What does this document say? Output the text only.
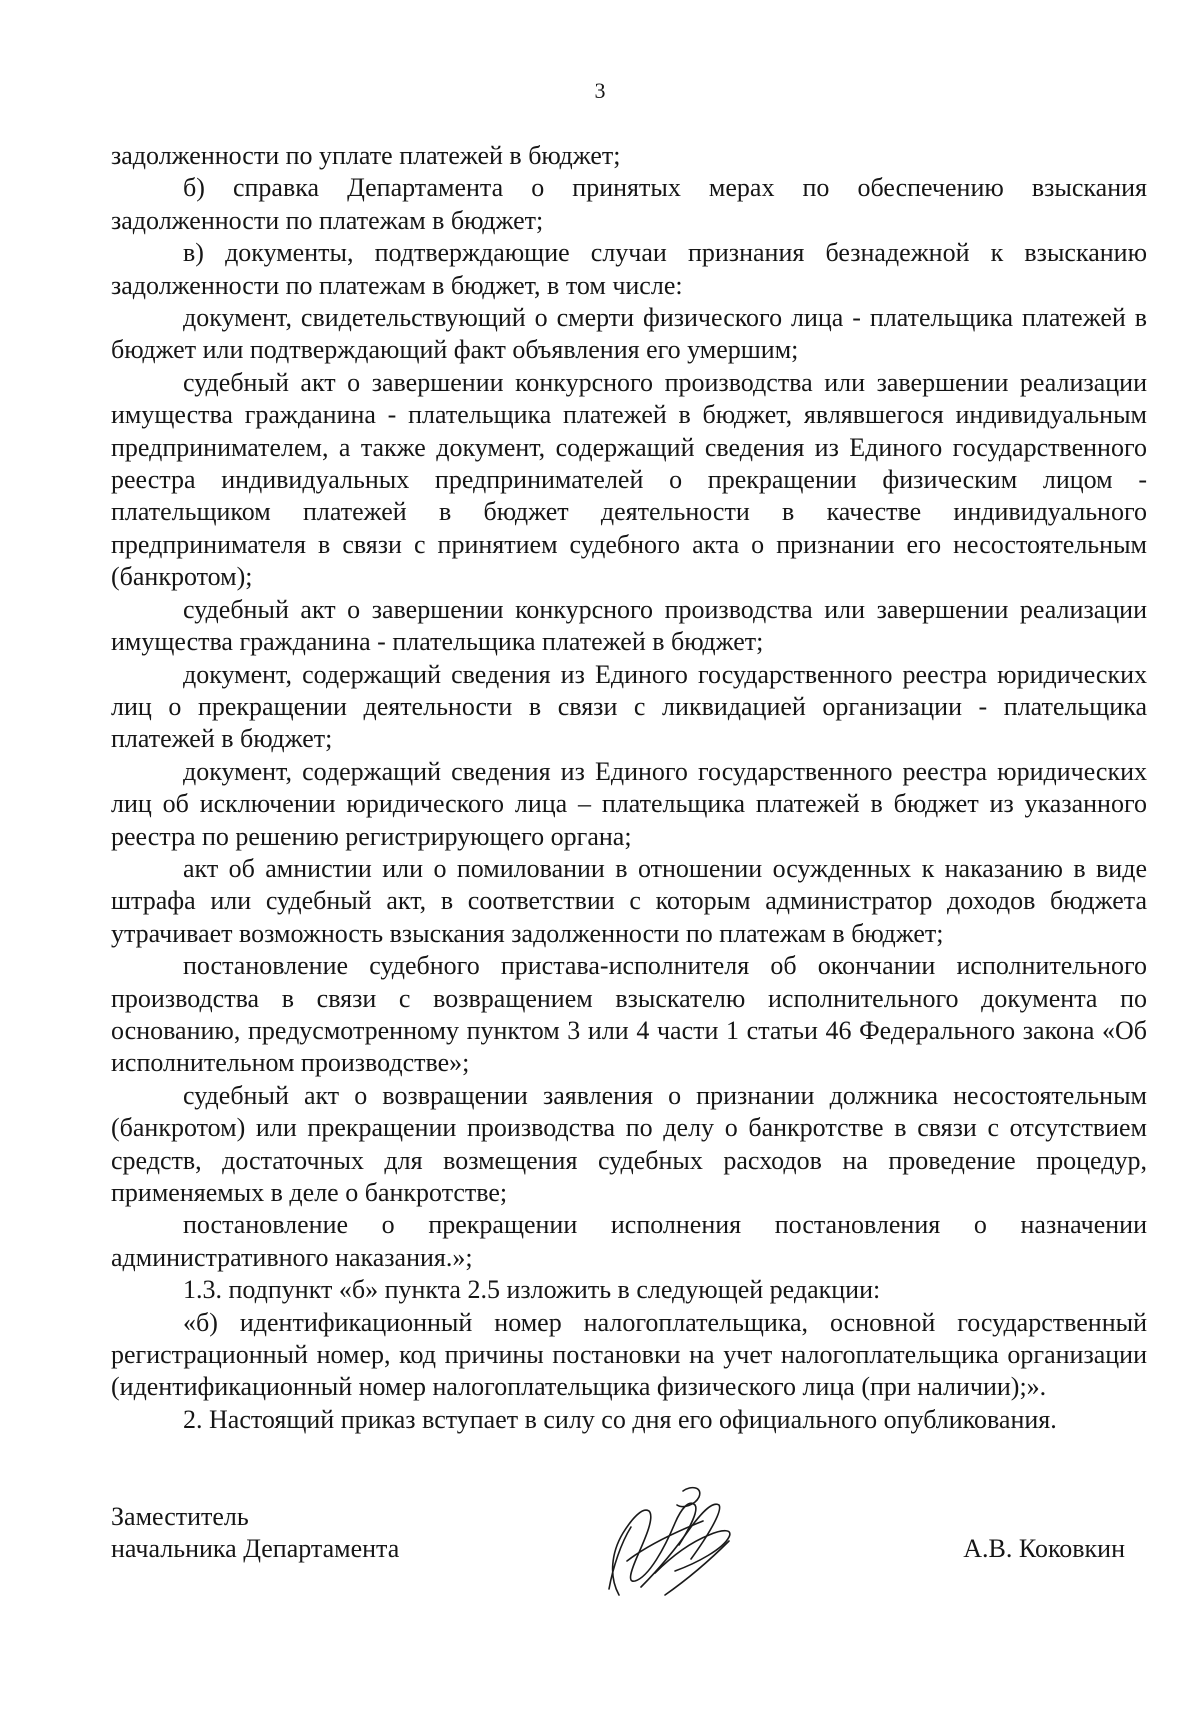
3

задолженности по уплате платежей в бюджет;

б) справка Департамента о принятых мерах по обеспечению взыскания задолженности по платежам в бюджет;

в) документы, подтверждающие случаи признания безнадежной к взысканию задолженности по платежам в бюджет, в том числе:

документ, свидетельствующий о смерти физического лица - плательщика платежей в бюджет или подтверждающий факт объявления его умершим;

судебный акт о завершении конкурсного производства или завершении реализации имущества гражданина - плательщика платежей в бюджет, являвшегося индивидуальным предпринимателем, а также документ, содержащий сведения из Единого государственного реестра индивидуальных предпринимателей о прекращении физическим лицом - плательщиком платежей в бюджет деятельности в качестве индивидуального предпринимателя в связи с принятием судебного акта о признании его несостоятельным (банкротом);

судебный акт о завершении конкурсного производства или завершении реализации имущества гражданина - плательщика платежей в бюджет;

документ, содержащий сведения из Единого государственного реестра юридических лиц о прекращении деятельности в связи с ликвидацией организации - плательщика платежей в бюджет;

документ, содержащий сведения из Единого государственного реестра юридических лиц об исключении юридического лица – плательщика платежей в бюджет из указанного реестра по решению регистрирующего органа;

акт об амнистии или о помиловании в отношении осужденных к наказанию в виде штрафа или судебный акт, в соответствии с которым администратор доходов бюджета утрачивает возможность взыскания задолженности по платежам в бюджет;

постановление судебного пристава-исполнителя об окончании исполнительного производства в связи с возвращением взыскателю исполнительного документа по основанию, предусмотренному пунктом 3 или 4 части 1 статьи 46 Федерального закона «Об исполнительном производстве»;

судебный акт о возвращении заявления о признании должника несостоятельным (банкротом) или прекращении производства по делу о банкротстве в связи с отсутствием средств, достаточных для возмещения судебных расходов на проведение процедур, применяемых в деле о банкротстве;

постановление о прекращении исполнения постановления о назначении административного наказания.»;

1.3. подпункт «б» пункта 2.5 изложить в следующей редакции:

«б) идентификационный номер налогоплательщика, основной государственный регистрационный номер, код причины постановки на учет налогоплательщика организации (идентификационный номер налогоплательщика физического лица (при наличии);».

2. Настоящий приказ вступает в силу со дня его официального опубликования.

Заместитель
начальника Департамента	А.В. Коковкин
